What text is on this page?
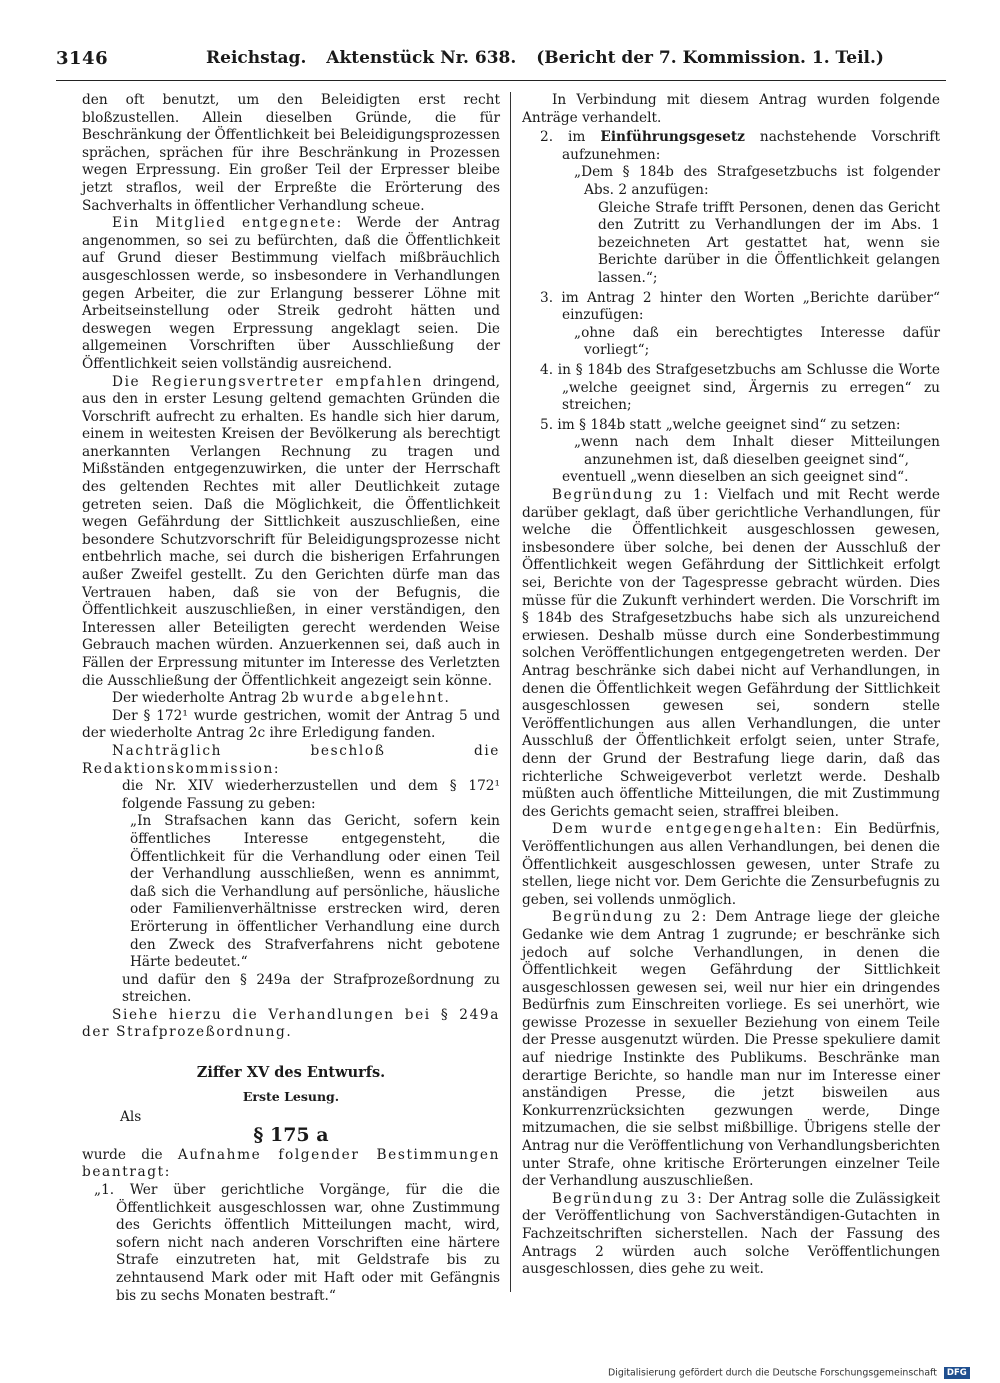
3146	Reichstag. Aktenstück Nr. 638. (Bericht der 7. Kommission. 1. Teil.)

den oft benutzt, um den Beleidigten erst recht bloßzustellen. Allein dieselben Gründe, die für Beschränkung der Öffentlichkeit bei Beleidigungsprozessen sprächen, sprächen für ihre Beschränkung in Prozessen wegen Erpressung. Ein großer Teil der Erpresser bleibe jetzt straflos, weil der Erpreßte die Erörterung des Sachverhalts in öffentlicher Verhandlung scheue.

Ein Mitglied entgegnete: Werde der Antrag angenommen, so sei zu befürchten, daß die Öffentlichkeit auf Grund dieser Bestimmung vielfach mißbräuchlich ausgeschlossen werde, so insbesondere in Verhandlungen gegen Arbeiter, die zur Erlangung besserer Löhne mit Arbeitseinstellung oder Streik gedroht hätten und deswegen wegen Erpressung angeklagt seien. Die allgemeinen Vorschriften über Ausschließung der Öffentlichkeit seien vollständig ausreichend.

Die Regierungsvertreter empfahlen dringend, aus den in erster Lesung geltend gemachten Gründen die Vorschrift aufrecht zu erhalten. Es handle sich hier darum, einem in weitesten Kreisen der Bevölkerung als berechtigt anerkannten Verlangen Rechnung zu tragen und Mißständen entgegenzuwirken, die unter der Herrschaft des geltenden Rechtes mit aller Deutlichkeit zutage getreten seien. Daß die Möglichkeit, die Öffentlichkeit wegen Gefährdung der Sittlichkeit auszuschließen, eine besondere Schutzvorschrift für Beleidigungsprozesse nicht entbehrlich mache, sei durch die bisherigen Erfahrungen außer Zweifel gestellt. Zu den Gerichten dürfe man das Vertrauen haben, daß sie von der Befugnis, die Öffentlichkeit auszuschließen, in einer verständigen, den Interessen aller Beteiligten gerecht werdenden Weise Gebrauch machen würden. Anzuerkennen sei, daß auch in Fällen der Erpressung mitunter im Interesse des Verletzten die Ausschließung der Öffentlichkeit angezeigt sein könne.

Der wiederholte Antrag 2b wurde abgelehnt.

Der § 172¹ wurde gestrichen, womit der Antrag 5 und der wiederholte Antrag 2c ihre Erledigung fanden.

Nachträglich beschloß die Redaktionskommission:

die Nr. XIV wiederherzustellen und dem § 172¹ folgende Fassung zu geben:

„In Strafsachen kann das Gericht, sofern kein öffentliches Interesse entgegensteht, die Öffentlichkeit für die Verhandlung oder einen Teil der Verhandlung ausschließen, wenn es annimmt, daß sich die Verhandlung auf persönliche, häusliche oder Familienverhältnisse erstrecken wird, deren Erörterung in öffentlicher Verhandlung eine durch den Zweck des Strafverfahrens nicht gebotene Härte bedeutet.“

und dafür den § 249a der Strafprozeßordnung zu streichen.

Siehe hierzu die Verhandlungen bei § 249a der Strafprozeßordnung.

Ziffer XV des Entwurfs.

Erste Lesung.

Als

§ 175 a

wurde die Aufnahme folgender Bestimmungen beantragt:

„1. Wer über gerichtliche Vorgänge, für die die Öffentlichkeit ausgeschlossen war, ohne Zustimmung des Gerichts öffentlich Mitteilungen macht, wird, sofern nicht nach anderen Vorschriften eine härtere Strafe einzutreten hat, mit Geldstrafe bis zu zehntausend Mark oder mit Haft oder mit Gefängnis bis zu sechs Monaten bestraft.“

In Verbindung mit diesem Antrag wurden folgende Anträge verhandelt.

2. im Einführungsgesetz nachstehende Vorschrift aufzunehmen:

„Dem § 184b des Strafgesetzbuchs ist folgender Abs. 2 anzufügen:

Gleiche Strafe trifft Personen, denen das Gericht den Zutritt zu Verhandlungen der im Abs. 1 bezeichneten Art gestattet hat, wenn sie Berichte darüber in die Öffentlichkeit gelangen lassen.“;

3. im Antrag 2 hinter den Worten „Berichte darüber“ einzufügen:

„ohne daß ein berechtigtes Interesse dafür vorliegt“;

4. in § 184b des Strafgesetzbuchs am Schlusse die Worte „welche geeignet sind, Ärgernis zu erregen“ zu streichen;

5. im § 184b statt „welche geeignet sind“ zu setzen:

„wenn nach dem Inhalt dieser Mitteilungen anzunehmen ist, daß dieselben geeignet sind“,

eventuell „wenn dieselben an sich geeignet sind“.

Begründung zu 1: Vielfach und mit Recht werde darüber geklagt, daß über gerichtliche Verhandlungen, für welche die Öffentlichkeit ausgeschlossen gewesen, insbesondere über solche, bei denen der Ausschluß der Öffentlichkeit wegen Gefährdung der Sittlichkeit erfolgt sei, Berichte von der Tagespresse gebracht würden. Dies müsse für die Zukunft verhindert werden. Die Vorschrift im § 184b des Strafgesetzbuchs habe sich als unzureichend erwiesen. Deshalb müsse durch eine Sonderbestimmung solchen Veröffentlichungen entgegengetreten werden. Der Antrag beschränke sich dabei nicht auf Verhandlungen, in denen die Öffentlichkeit wegen Gefährdung der Sittlichkeit ausgeschlossen gewesen sei, sondern stelle Veröffentlichungen aus allen Verhandlungen, die unter Ausschluß der Öffentlichkeit erfolgt seien, unter Strafe, denn der Grund der Bestrafung liege darin, daß das richterliche Schweigeverbot verletzt werde. Deshalb müßten auch öffentliche Mitteilungen, die mit Zustimmung des Gerichts gemacht seien, straffrei bleiben.

Dem wurde entgegengehalten: Ein Bedürfnis, Veröffentlichungen aus allen Verhandlungen, bei denen die Öffentlichkeit ausgeschlossen gewesen, unter Strafe zu stellen, liege nicht vor. Dem Gerichte die Zensurbefugnis zu geben, sei vollends unmöglich.

Begründung zu 2: Dem Antrage liege der gleiche Gedanke wie dem Antrag 1 zugrunde; er beschränke sich jedoch auf solche Verhandlungen, in denen die Öffentlichkeit wegen Gefährdung der Sittlichkeit ausgeschlossen gewesen sei, weil nur hier ein dringendes Bedürfnis zum Einschreiten vorliege. Es sei unerhört, wie gewisse Prozesse in sexueller Beziehung von einem Teile der Presse ausgenutzt würden. Die Presse spekuliere damit auf niedrige Instinkte des Publikums. Beschränke man derartige Berichte, so handle man nur im Interesse einer anständigen Presse, die jetzt bisweilen aus Konkurrenzrücksichten gezwungen werde, Dinge mitzumachen, die sie selbst mißbillige. Übrigens stelle der Antrag nur die Veröffentlichung von Verhandlungsberichten unter Strafe, ohne kritische Erörterungen einzelner Teile der Verhandlung auszuschließen.

Begründung zu 3: Der Antrag solle die Zulässigkeit der Veröffentlichung von Sachverständigen-Gutachten in Fachzeitschriften sicherstellen. Nach der Fassung des Antrags 2 würden auch solche Veröffentlichungen ausgeschlossen, dies gehe zu weit.

Digitalisierung gefördert durch die Deutsche Forschungsgemeinschaft DFG
